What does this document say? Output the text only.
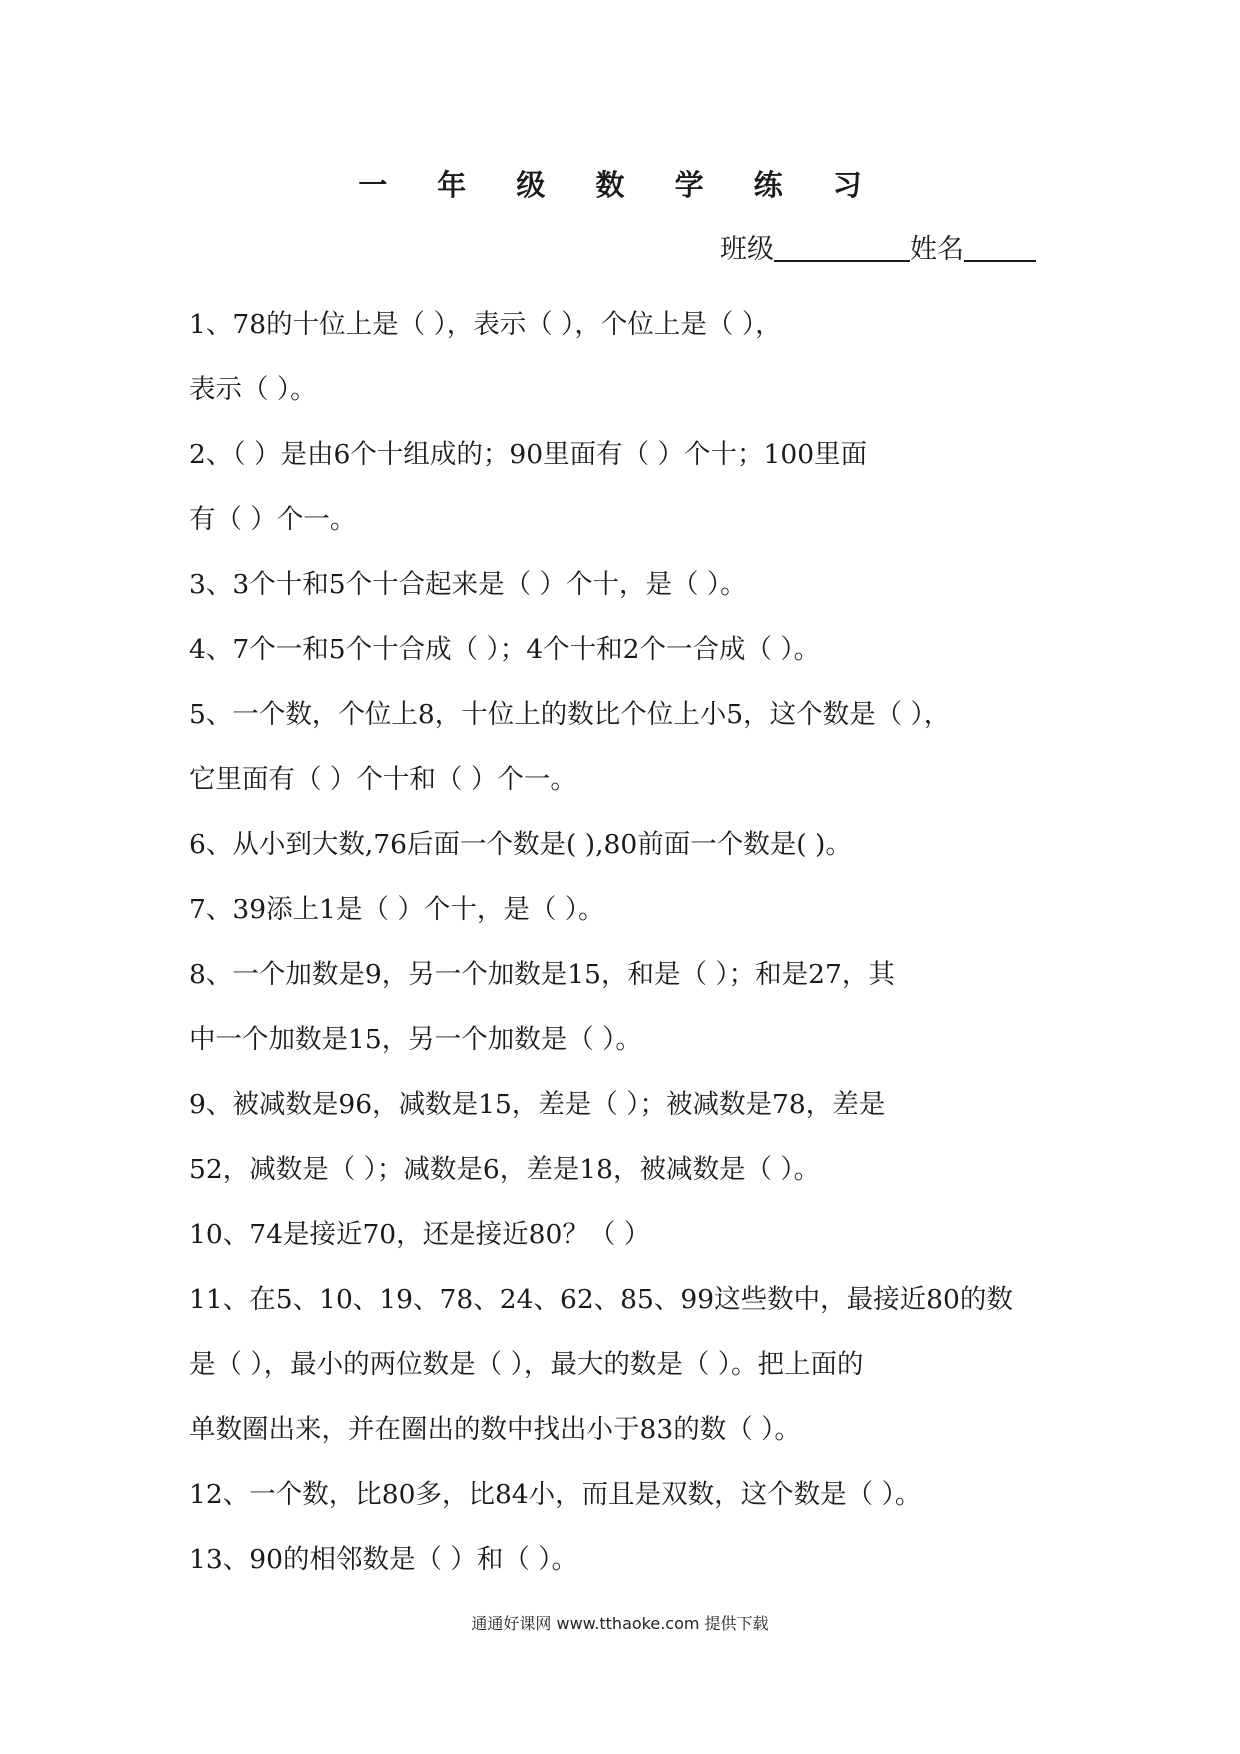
一 年 级 数 学 练 习
班级	姓名
1、78的十位上是（ ），表示（ ），个位上是（ ），
表示（ ）。
2、（ ）是由6个十组成的；90里面有（ ）个十；100里面
有（ ）个一。
3、3个十和5个十合起来是（ ）个十，是（ ）。
4、7个一和5个十合成（ ）；4个十和2个一合成（ ）。
5、一个数，个位上8，十位上的数比个位上小5，这个数是（ ），
它里面有（ ）个十和（ ）个一。
6、从小到大数,76后面一个数是( ),80前面一个数是( )。
7、39添上1是（ ）个十，是（ ）。
8、一个加数是9，另一个加数是15，和是（ ）；和是27，其
中一个加数是15，另一个加数是（ ）。
9、被减数是96，减数是15，差是（ ）；被减数是78，差是
52，减数是（ ）；减数是6，差是18，被减数是（ ）。
10、74是接近70，还是接近80？（ ）
11、在5、10、19、78、24、62、85、99这些数中，最接近80的数
是（ ），最小的两位数是（ ），最大的数是（ ）。把上面的
单数圈出来，并在圈出的数中找出小于83的数（ ）。
12、一个数，比80多，比84小，而且是双数，这个数是（ ）。
13、90的相邻数是（ ）和（ ）。
通通好课网 www.tthaoke.com 提供下载
